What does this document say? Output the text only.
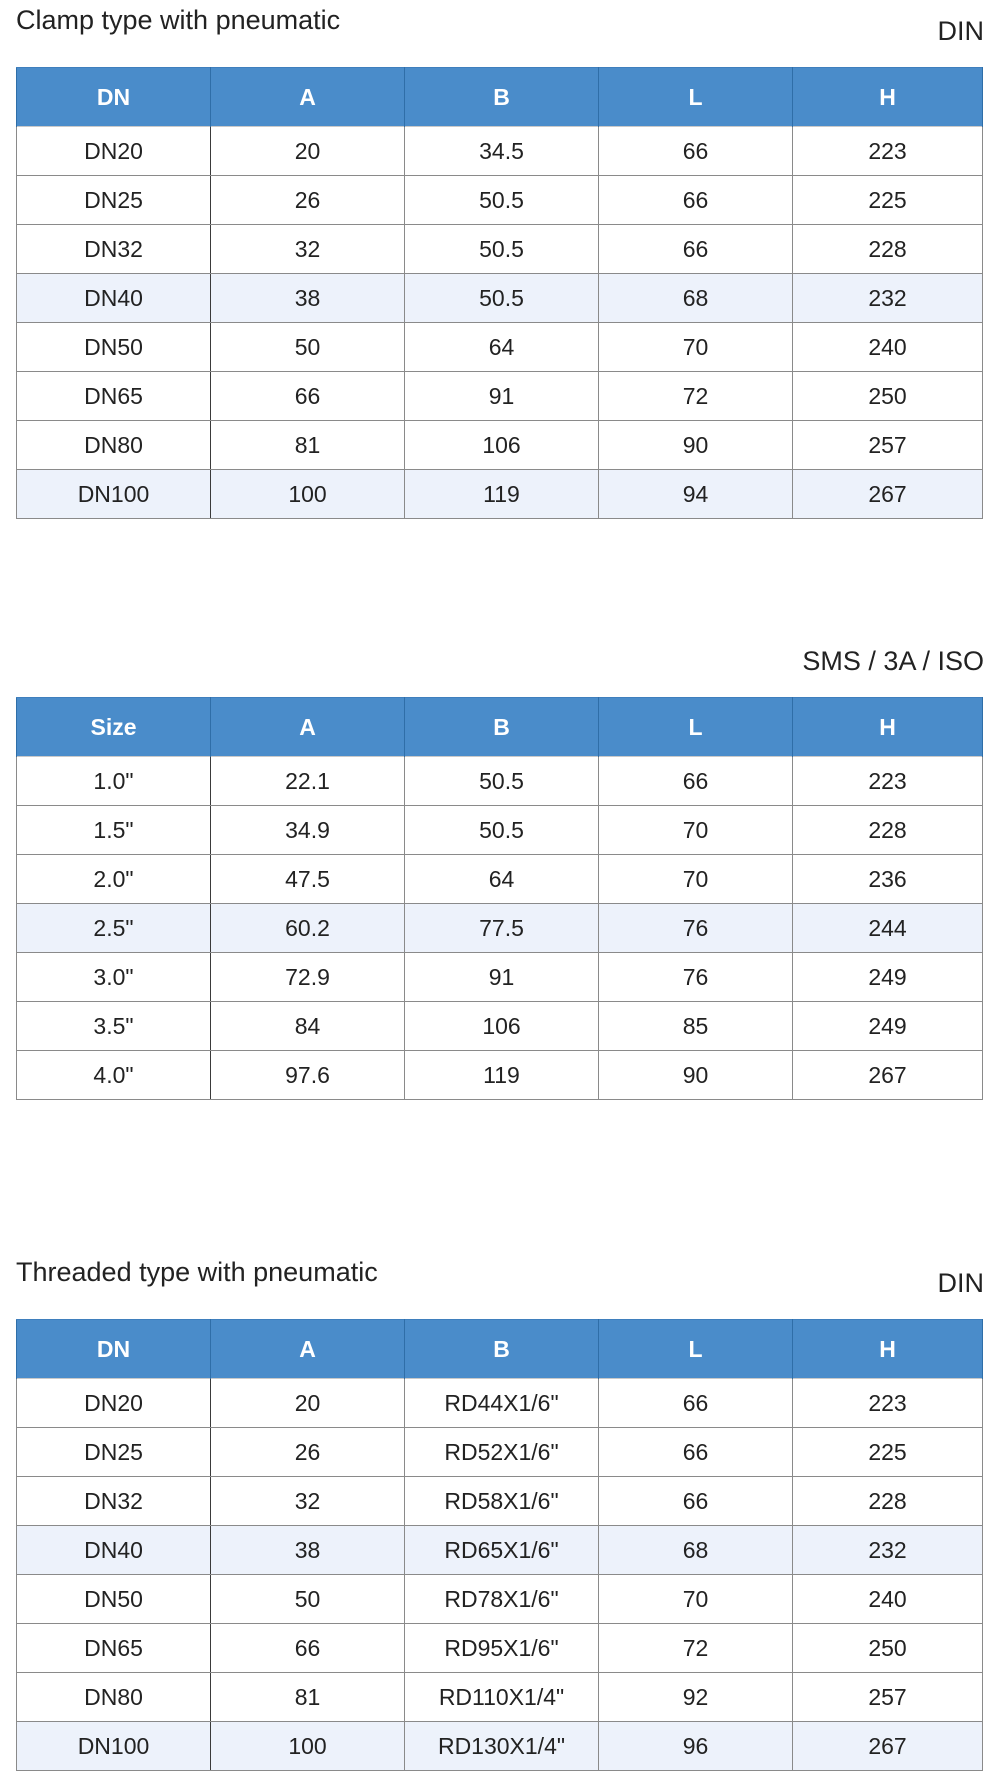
Clamp type with pneumatic	DIN
DN	A	B	L	H
DN20	20	34.5	66	223
DN25	26	50.5	66	225
DN32	32	50.5	66	228
DN40	38	50.5	68	232
DN50	50	64	70	240
DN65	66	91	72	250
DN80	81	106	90	257
DN100	100	119	94	267
SMS / 3A / ISO
Size	A	B	L	H
1.0"	22.1	50.5	66	223
1.5"	34.9	50.5	70	228
2.0"	47.5	64	70	236
2.5"	60.2	77.5	76	244
3.0"	72.9	91	76	249
3.5"	84	106	85	249
4.0"	97.6	119	90	267
Threaded type with pneumatic	DIN
DN	A	B	L	H
DN20	20	RD44X1/6"	66	223
DN25	26	RD52X1/6"	66	225
DN32	32	RD58X1/6"	66	228
DN40	38	RD65X1/6"	68	232
DN50	50	RD78X1/6"	70	240
DN65	66	RD95X1/6"	72	250
DN80	81	RD110X1/4"	92	257
DN100	100	RD130X1/4"	96	267
